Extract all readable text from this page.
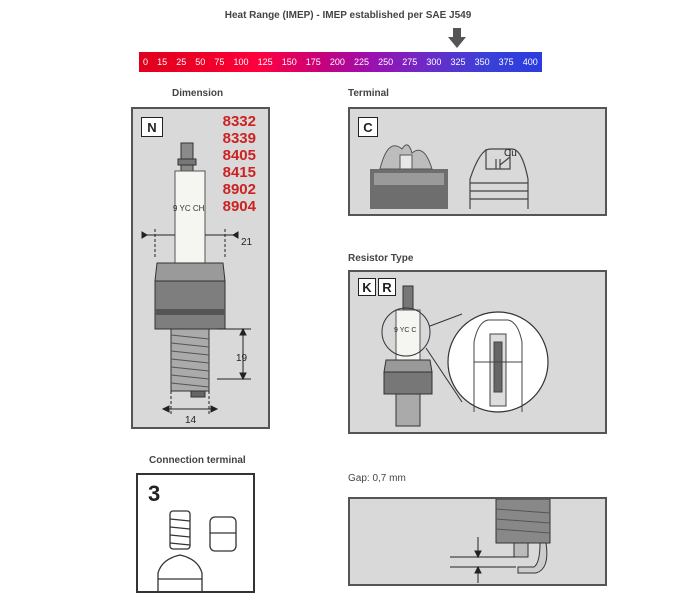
Heat Range (IMEP) - IMEP established per SAE J549
0 15 25 50 75 100 125 150 175 200 225 250 275 300 325 350 375 400
Dimension
N	8332
8339
8405
8415
8902
8904
9 YC CH
21
19
14
Terminal
C
Cu
Resistor Type
K R
9 YC C
Connection terminal
3
Gap: 0,7 mm
